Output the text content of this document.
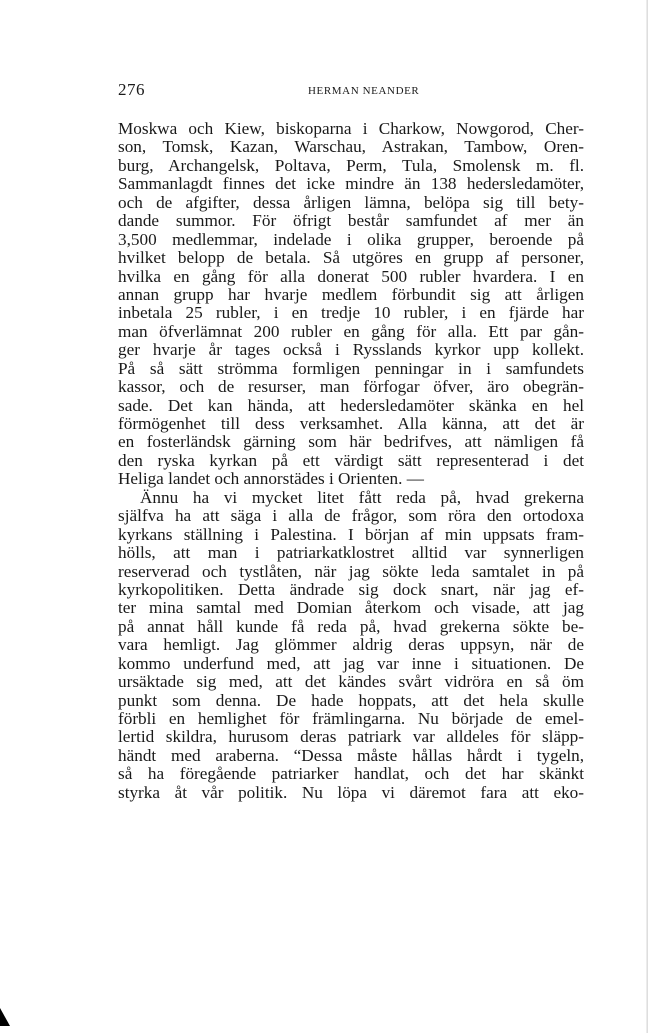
276	HERMAN NEANDER
Moskwa och Kiew, biskoparna i Charkow, Nowgorod, Cher-
son, Tomsk, Kazan, Warschau, Astrakan, Tambow, Oren-
burg, Archangelsk, Poltava, Perm, Tula, Smolensk m. fl.
Sammanlagdt finnes det icke mindre än 138 hedersledamöter,
och de afgifter, dessa årligen lämna, belöpa sig till bety-
dande summor. För öfrigt består samfundet af mer än
3,500 medlemmar, indelade i olika grupper, beroende på
hvilket belopp de betala. Så utgöres en grupp af personer,
hvilka en gång för alla donerat 500 rubler hvardera. I en
annan grupp har hvarje medlem förbundit sig att årligen
inbetala 25 rubler, i en tredje 10 rubler, i en fjärde har
man öfverlämnat 200 rubler en gång för alla. Ett par gån-
ger hvarje år tages också i Rysslands kyrkor upp kollekt.
På så sätt strömma formligen penningar in i samfundets
kassor, och de resurser, man förfogar öfver, äro obegrän-
sade. Det kan hända, att hedersledamöter skänka en hel
förmögenhet till dess verksamhet. Alla känna, att det är
en fosterländsk gärning som här bedrifves, att nämligen få
den ryska kyrkan på ett värdigt sätt representerad i det
Heliga landet och annorstädes i Orienten. —
Ännu ha vi mycket litet fått reda på, hvad grekerna
själfva ha att säga i alla de frågor, som röra den ortodoxa
kyrkans ställning i Palestina. I början af min uppsats fram-
hölls, att man i patriarkatklostret alltid var synnerligen
reserverad och tystlåten, när jag sökte leda samtalet in på
kyrkopolitiken. Detta ändrade sig dock snart, när jag ef-
ter mina samtal med Domian återkom och visade, att jag
på annat håll kunde få reda på, hvad grekerna sökte be-
vara hemligt. Jag glömmer aldrig deras uppsyn, när de
kommo underfund med, att jag var inne i situationen. De
ursäktade sig med, att det kändes svårt vidröra en så öm
punkt som denna. De hade hoppats, att det hela skulle
förbli en hemlighet för främlingarna. Nu började de emel-
lertid skildra, hurusom deras patriark var alldeles för släpp-
händt med araberna. “Dessa måste hållas hårdt i tygeln,
så ha föregående patriarker handlat, och det har skänkt
styrka åt vår politik. Nu löpa vi däremot fara att eko-
